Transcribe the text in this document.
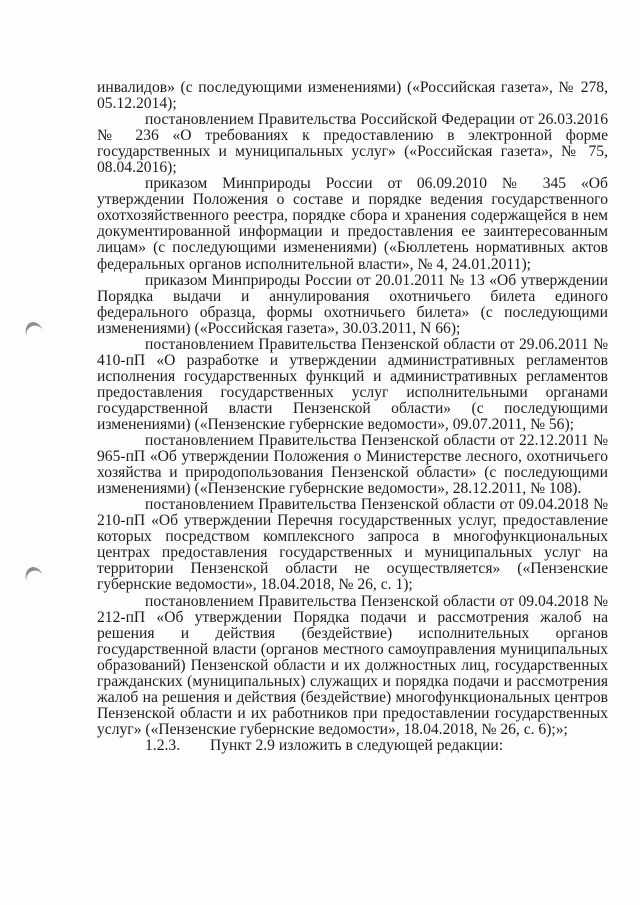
инвалидов» (с последующими изменениями) («Российская газета», № 278, 05.12.2014);

постановлением Правительства Российской Федерации от 26.03.2016 № 236 «О требованиях к предоставлению в электронной форме государственных и муниципальных услуг» («Российская газета», № 75, 08.04.2016);

приказом Минприроды России от 06.09.2010 № 345 «Об утверждении Положения о составе и порядке ведения государственного охотхозяйственного реестра, порядке сбора и хранения содержащейся в нем документированной информации и предоставления ее заинтересованным лицам» (с последующими изменениями) («Бюллетень нормативных актов федеральных органов исполнительной власти», № 4, 24.01.2011);

приказом Минприроды России от 20.01.2011 № 13 «Об утверждении Порядка выдачи и аннулирования охотничьего билета единого федерального образца, формы охотничьего билета» (с последующими изменениями) («Российская газета», 30.03.2011, N 66);

постановлением Правительства Пензенской области от 29.06.2011 № 410-пП «О разработке и утверждении административных регламентов исполнения государственных функций и административных регламентов предоставления государственных услуг исполнительными органами государственной власти Пензенской области» (с последующими изменениями) («Пензенские губернские ведомости», 09.07.2011, № 56);

постановлением Правительства Пензенской области от 22.12.2011 № 965-пП «Об утверждении Положения о Министерстве лесного, охотничьего хозяйства и природопользования Пензенской области» (с последующими изменениями) («Пензенские губернские ведомости», 28.12.2011, № 108).

постановлением Правительства Пензенской области от 09.04.2018 № 210-пП «Об утверждении Перечня государственных услуг, предоставление которых посредством комплексного запроса в многофункциональных центрах предоставления государственных и муниципальных услуг на территории Пензенской области не осуществляется» («Пензенские губернские ведомости», 18.04.2018, № 26, с. 1);

постановлением Правительства Пензенской области от 09.04.2018 № 212-пП «Об утверждении Порядка подачи и рассмотрения жалоб на решения и действия (бездействие) исполнительных органов государственной власти (органов местного самоуправления муниципальных образований) Пензенской области и их должностных лиц, государственных гражданских (муниципальных) служащих и порядка подачи и рассмотрения жалоб на решения и действия (бездействие) многофункциональных центров Пензенской области и их работников при предоставлении государственных услуг» («Пензенские губернские ведомости», 18.04.2018, № 26, с. 6);»;

1.2.3. Пункт 2.9 изложить в следующей редакции:
